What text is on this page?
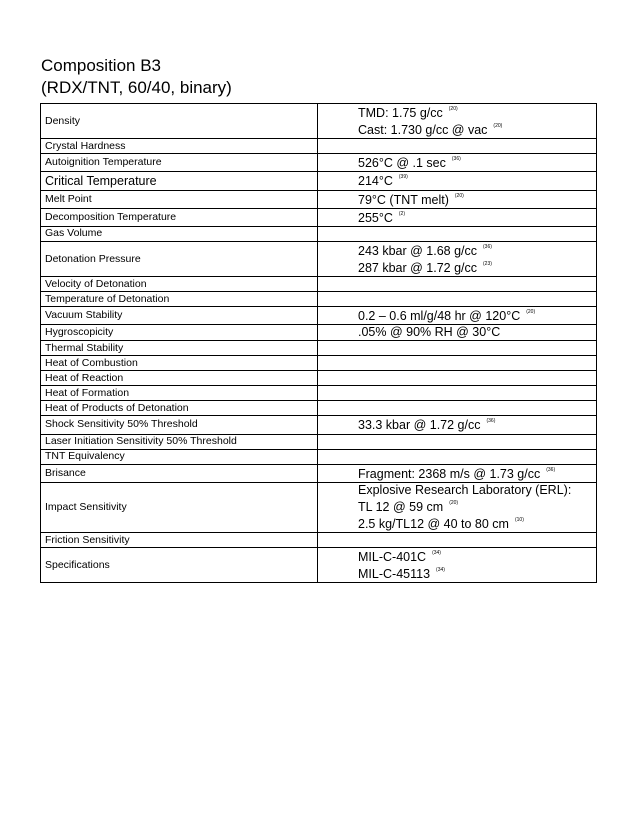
Composition B3
(RDX/TNT, 60/40, binary)
Density	TMD: 1.75 g/cc $^{(20)}$
Cast: 1.730 g/cc @ vac $^{(20)}$

Crystal Hardness	
Autoignition Temperature	526°C @ .1 sec $^{(36)}$

Critical Temperature	214°C $^{(39)}$

Melt Point	79°C (TNT melt) $^{(20)}$

Decomposition Temperature	255°C $^{(2)}$

Gas Volume	
Detonation Pressure	243 kbar @ 1.68 g/cc $^{(36)}$
287 kbar @ 1.72 g/cc $^{(23)}$

Velocity of Detonation	
Temperature of Detonation	
Vacuum Stability	0.2 – 0.6 ml/g/48 hr @ 120°C $^{(20)}$

Hygroscopicity	.05% @ 90% RH @ 30°C

Thermal Stability	
Heat of Combustion	
Heat of Reaction	
Heat of Formation	
Heat of Products of Detonation	
Shock Sensitivity 50% Threshold	33.3 kbar @ 1.72 g/cc $^{(36)}$

Laser Initiation Sensitivity 50% Threshold	
TNT Equivalency	
Brisance	Fragment: 2368 m/s @ 1.73 g/cc $^{(36)}$

Impact Sensitivity	Explosive Research Laboratory (ERL):
TL 12 @ 59 cm $^{(20)}$
2.5 kg/TL12 @ 40 to 80 cm $^{(10)}$

Friction Sensitivity	
Specifications	MIL-C-401C $^{(34)}$
MIL-C-45113 $^{(34)}$
